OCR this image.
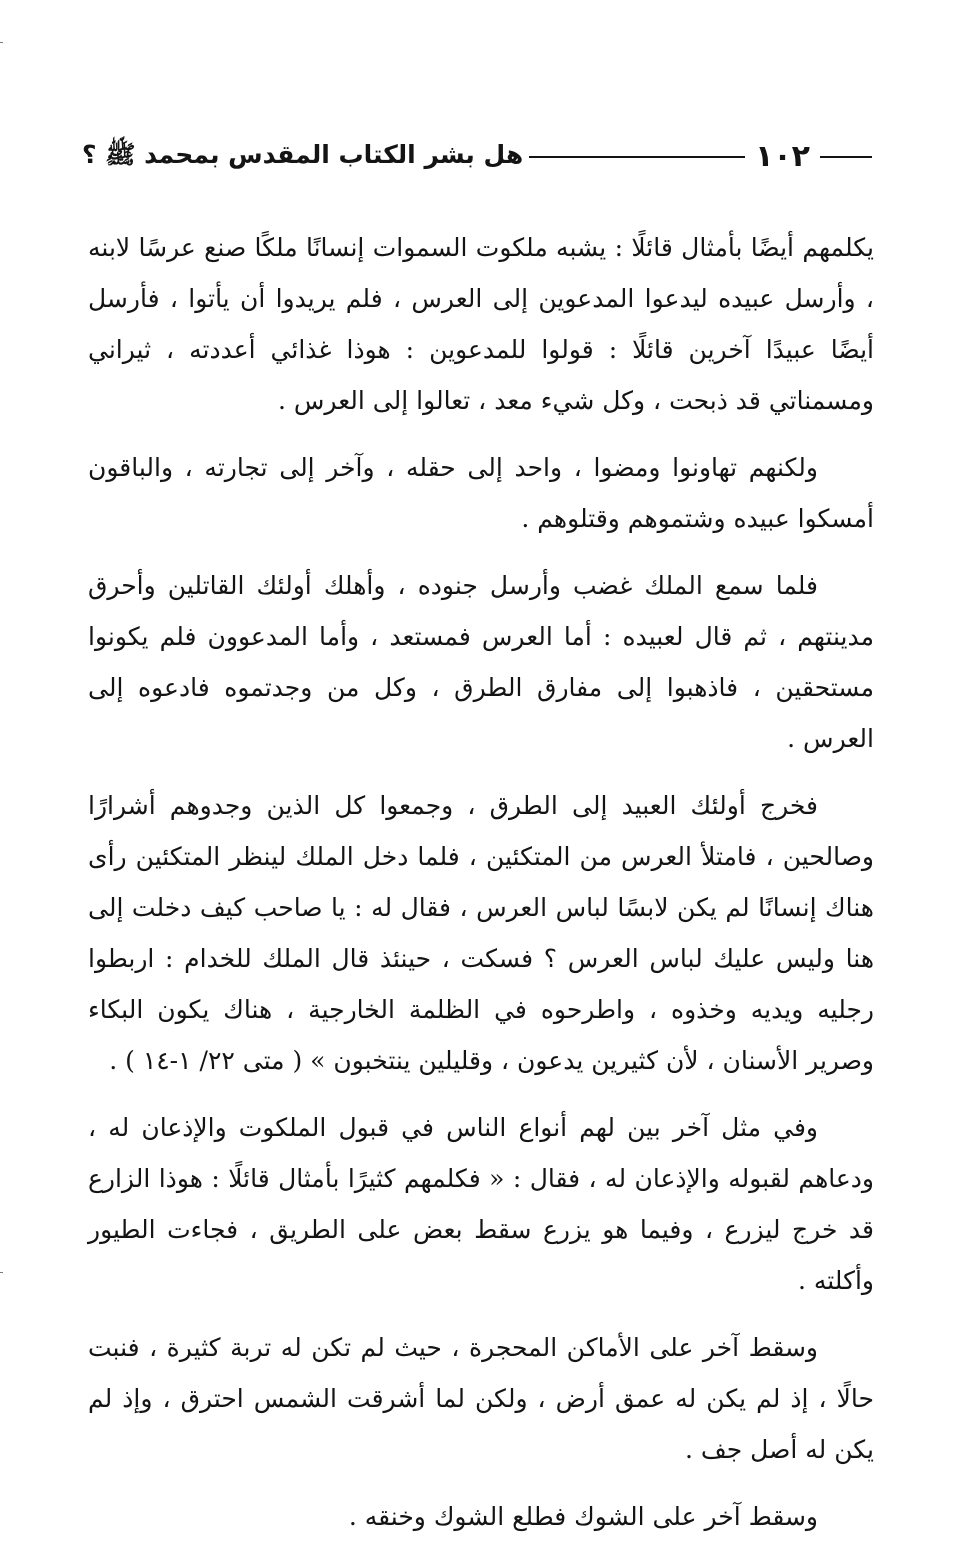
١٠٢
هل بشر الكتاب المقدس بمحمد ﷺ ؟

يكلمهم أيضًا بأمثال قائلًا : يشبه ملكوت السموات إنسانًا ملكًا صنع عرسًا لابنه ، وأرسل عبيده ليدعوا المدعوين إلى العرس ، فلم يريدوا أن يأتوا ، فأرسل أيضًا عبيدًا آخرين قائلًا : قولوا للمدعوين : هوذا غذائي أعددته ، ثيراني ومسمناتي قد ذبحت ، وكل شيء معد ، تعالوا إلى العرس .

ولكنهم تهاونوا ومضوا ، واحد إلى حقله ، وآخر إلى تجارته ، والباقون أمسكوا عبيده وشتموهم وقتلوهم .

فلما سمع الملك غضب وأرسل جنوده ، وأهلك أولئك القاتلين وأحرق مدينتهم ، ثم قال لعبيده : أما العرس فمستعد ، وأما المدعوون فلم يكونوا مستحقين ، فاذهبوا إلى مفارق الطرق ، وكل من وجدتموه فادعوه إلى العرس .

فخرج أولئك العبيد إلى الطرق ، وجمعوا كل الذين وجدوهم أشرارًا وصالحين ، فامتلأ العرس من المتكئين ، فلما دخل الملك لينظر المتكئين رأى هناك إنسانًا لم يكن لابسًا لباس العرس ، فقال له : يا صاحب كيف دخلت إلى هنا وليس عليك لباس العرس ؟ فسكت ، حينئذ قال الملك للخدام : اربطوا رجليه ويديه وخذوه ، واطرحوه في الظلمة الخارجية ، هناك يكون البكاء وصرير الأسنان ، لأن كثيرين يدعون ، وقليلين ينتخبون » ( متى ٢٢/ ١-١٤ ) .

وفي مثل آخر بين لهم أنواع الناس في قبول الملكوت والإذعان له ، ودعاهم لقبوله والإذعان له ، فقال : « فكلمهم كثيرًا بأمثال قائلًا : هوذا الزارع قد خرج ليزرع ، وفيما هو يزرع سقط بعض على الطريق ، فجاءت الطيور وأكلته .

وسقط آخر على الأماكن المحجرة ، حيث لم تكن له تربة كثيرة ، فنبت حالًا ، إذ لم يكن له عمق أرض ، ولكن لما أشرقت الشمس احترق ، وإذ لم يكن له أصل جف .

وسقط آخر على الشوك فطلع الشوك وخنقه .
